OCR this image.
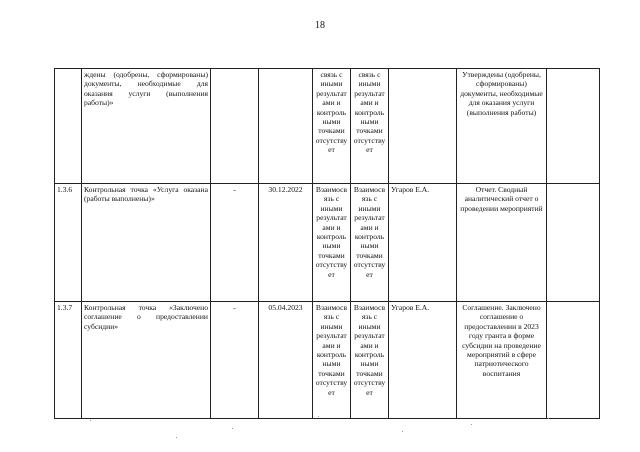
18
	ждены (одобрены, сформированы) документы, необходимые для оказания услуги (выполнения работы)»			связь с иными результатами и контрольными точками отсутствует	связь с иными результатами и контрольными точками отсутствует		Утверждены (одобрены, сформированы) документы, необходимые для оказания услуги (выполнения работы)	
1.3.6	Контрольная точка «Услуга оказана (работы выполнены)»	-	30.12.2022	Взаимосвязь с иными результатами и контрольными точками отсутствует	Взаимосвязь с иными результатами и контрольными точками отсутствует	Угаров Е.А.	Отчет. Сводный аналитический отчет о проведении мероприятий	
1.3.7	Контрольная точка «Заключено соглашение о предоставлении субсидии»	-	05.04.2023	Взаимосвязь с иными результатами и контрольными точками отсутствует	Взаимосвязь с иными результатами и контрольными точками отсутствует	Угаров Е.А.	Соглашение. Заключено соглашение о предоставлении в 2023 году гранта в форме субсидии на проведение мероприятий в сфере патриотического воспитания	
